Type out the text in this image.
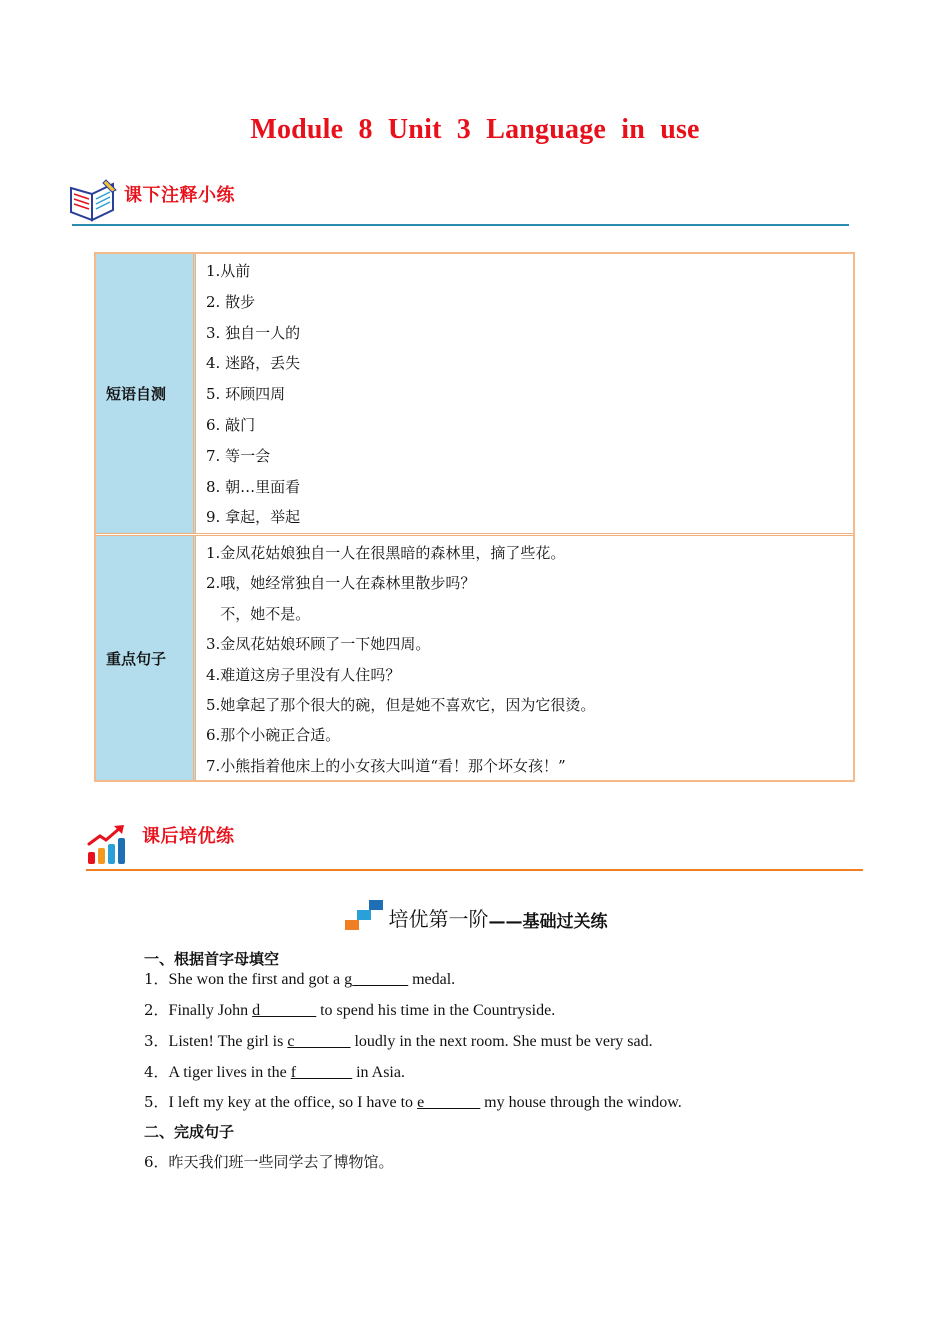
Module 8 Unit 3 Language in use
课下注释小练
短语自测
1.从前
2. 散步
3. 独自一人的
4. 迷路，丢失
5. 环顾四周
6. 敲门
7. 等一会
8. 朝…里面看
9. 拿起，举起
重点句子
1.金凤花姑娘独自一人在很黑暗的森林里，摘了些花。
2.哦，她经常独自一人在森林里散步吗？
不，她不是。
3.金凤花姑娘环顾了一下她四周。
4.难道这房子里没有人住吗？
5.她拿起了那个很大的碗，但是她不喜欢它，因为它很烫。
6.那个小碗正合适。
7.小熊指着他床上的小女孩大叫道“看！那个坏女孩！”
课后培优练
培优第一阶 ——基础过关练
一、根据首字母填空
1．She won the first and got a g_______ medal.
2．Finally John d_______ to spend his time in the Countryside.
3．Listen! The girl is c_______ loudly in the next room. She must be very sad.
4．A tiger lives in the f_______ in Asia.
5．I left my key at the office, so I have to e_______ my house through the window.
二、完成句子
6．昨天我们班一些同学去了博物馆。
